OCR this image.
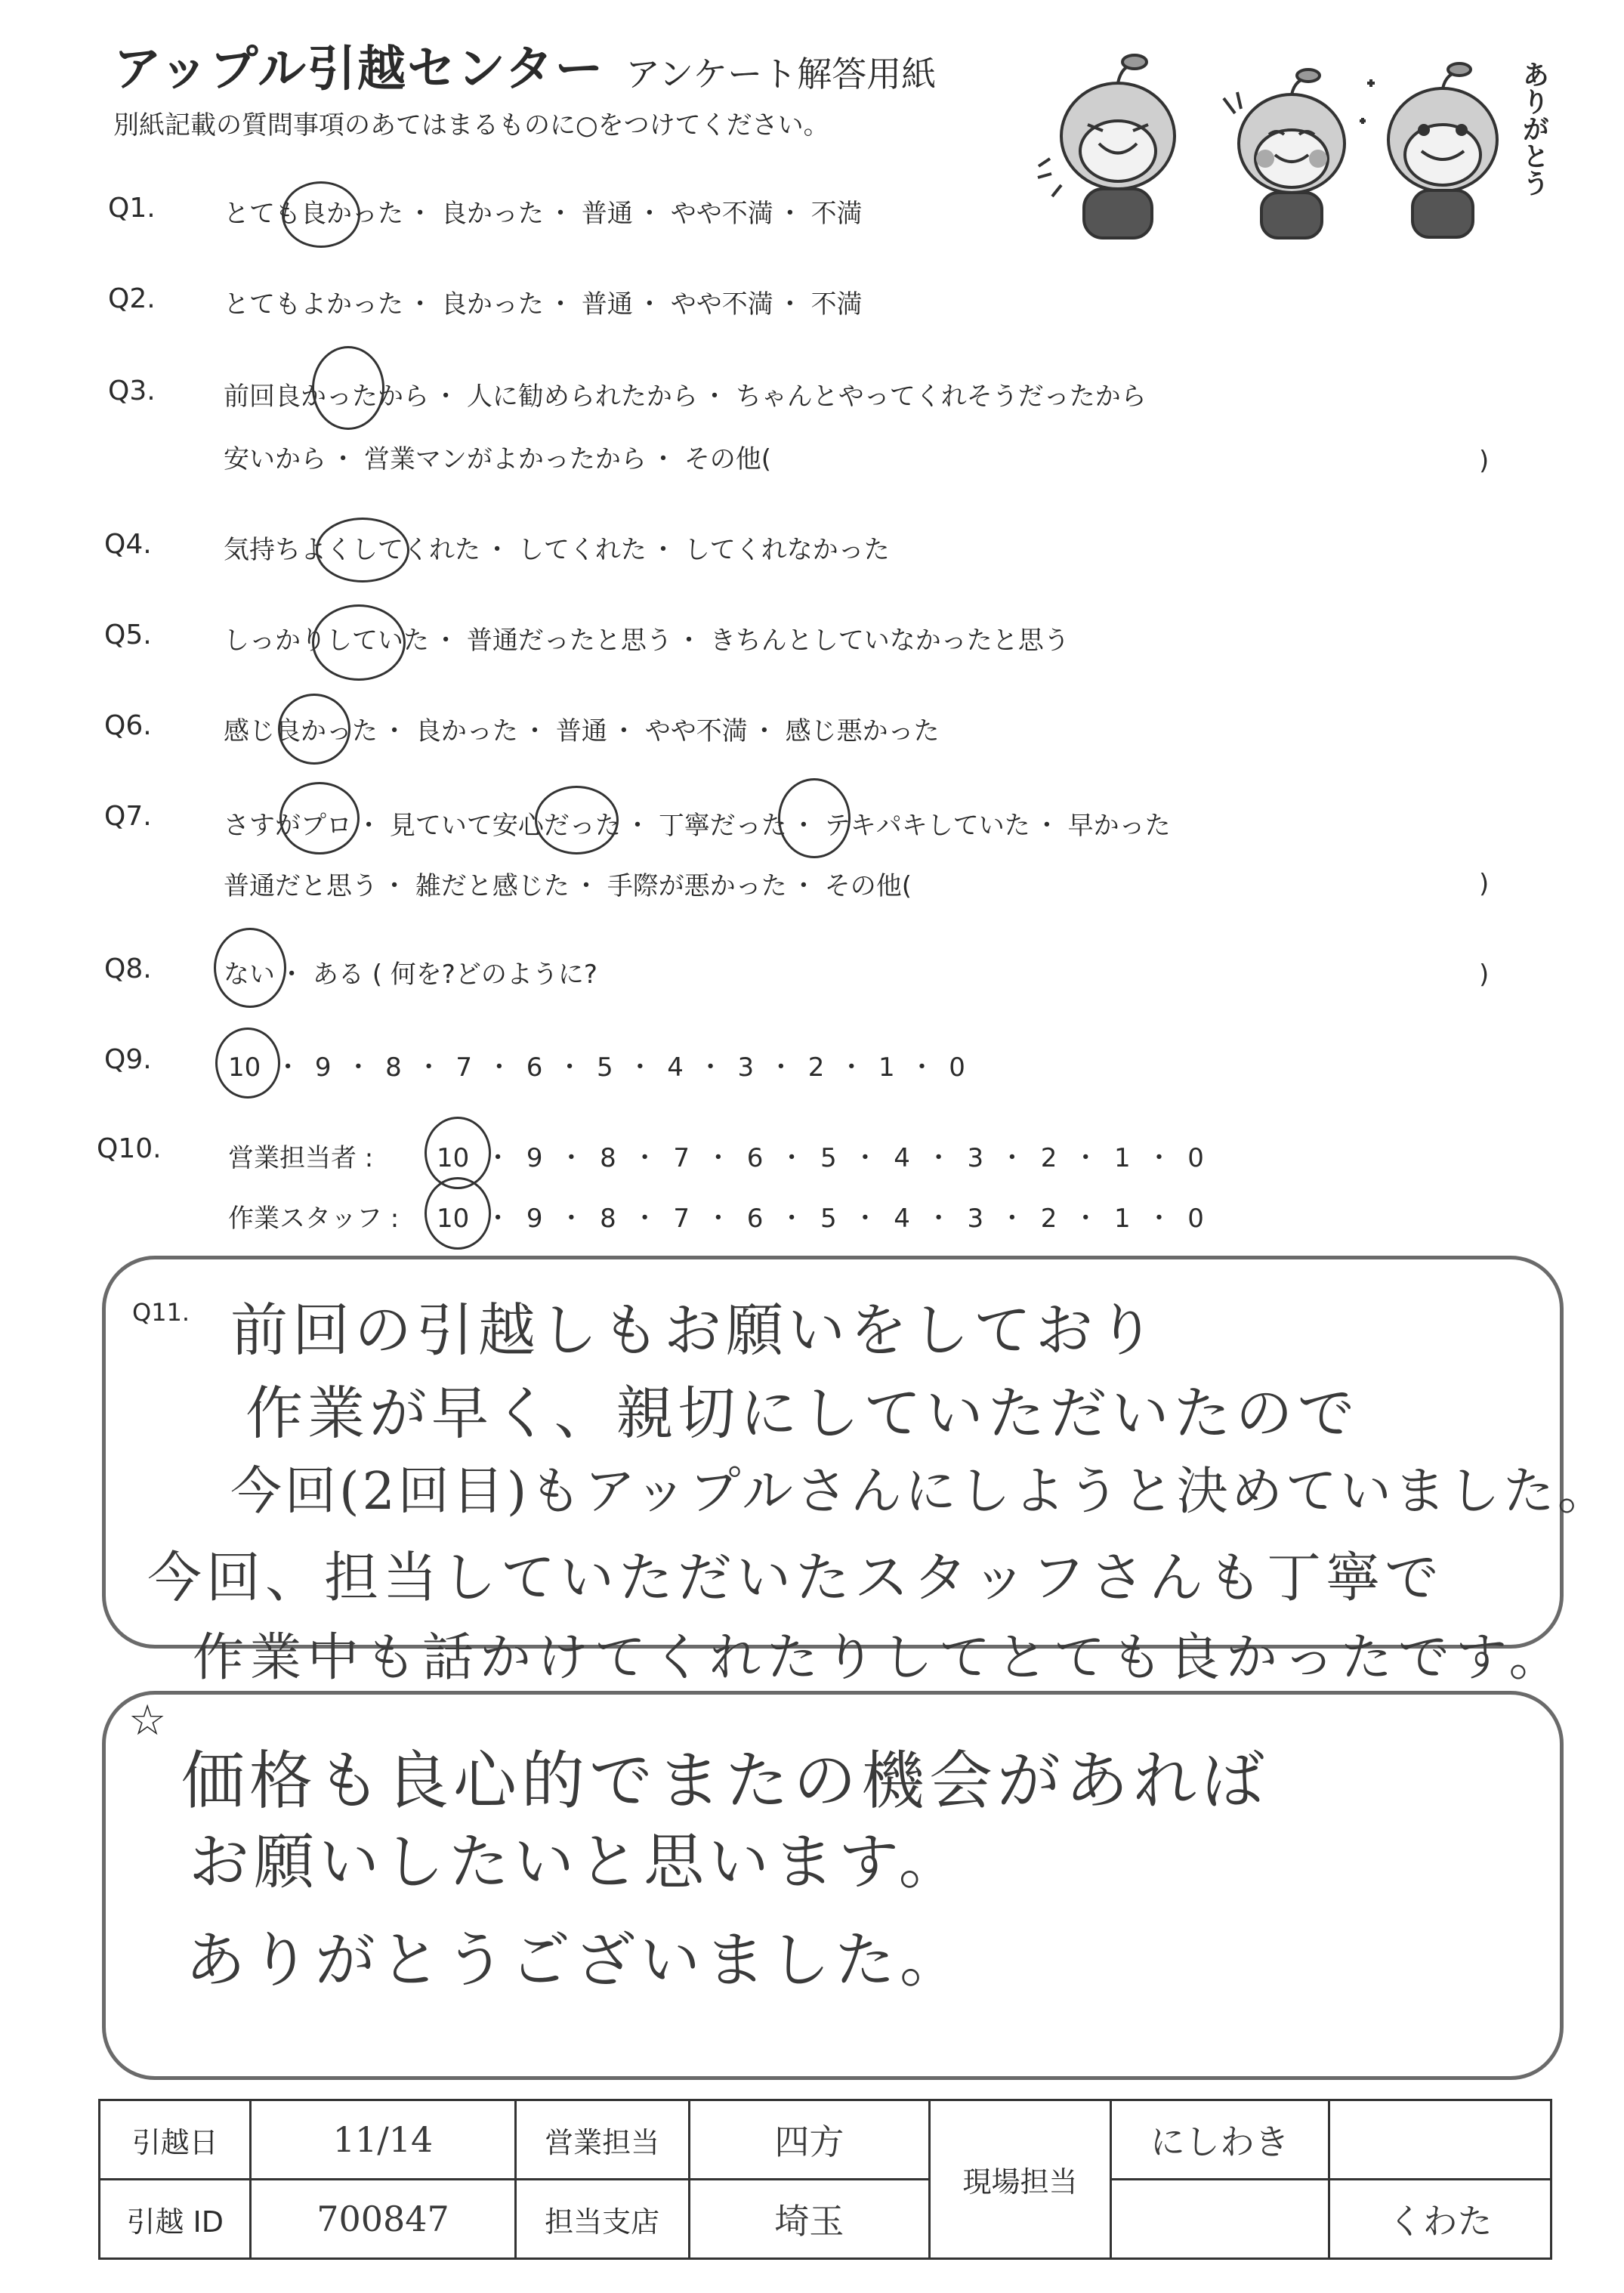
アップル引越センター アンケート解答用紙
別紙記載の質問事項のあてはまるものに○をつけてください。	ありがとう
Q1.	とても良かった ・ 良かった ・ 普通 ・ やや不満 ・ 不満
Q2.	とてもよかった ・ 良かった ・ 普通 ・ やや不満 ・ 不満
Q3.	前回良かったから ・ 人に勧められたから ・ ちゃんとやってくれそうだったから
安いから ・ 営業マンがよかったから ・ その他(	)
Q4.	気持ちよくしてくれた ・ してくれた ・ してくれなかった
Q5.	しっかりしていた ・ 普通だったと思う ・ きちんとしていなかったと思う
Q6.	感じ良かった ・ 良かった ・ 普通 ・ やや不満 ・ 感じ悪かった
Q7.	さすがプロ ・ 見ていて安心だった ・ 丁寧だった ・ テキパキしていた ・ 早かった
普通だと思う ・ 雑だと感じた ・ 手際が悪かった ・ その他(	)
Q8.	ない ・ ある ( 何を?どのように?	)
Q9.	10 ・ 9 ・ 8 ・ 7 ・ 6 ・ 5 ・ 4 ・ 3 ・ 2 ・ 1 ・ 0
Q10.	営業担当者 : 10 ・ 9 ・ 8 ・ 7 ・ 6 ・ 5 ・ 4 ・ 3 ・ 2 ・ 1 ・ 0
作業スタッフ : 10 ・ 9 ・ 8 ・ 7 ・ 6 ・ 5 ・ 4 ・ 3 ・ 2 ・ 1 ・ 0
Q11. 前回の引越しもお願いをしており
作業が早く、親切にしていただいたので
今回(2回目)もアップルさんにしようと決めていました。
今回、担当していただいたスタッフさんも丁寧で
作業中も話かけてくれたりしてとても良かったです。
☆
価格も良心的でまたの機会があれば
お願いしたいと思います。
ありがとうございました。
引越日	11/14	営業担当	四方	現場担当	にしわき	
引越 ID	700847	担当支店	埼玉			くわた
